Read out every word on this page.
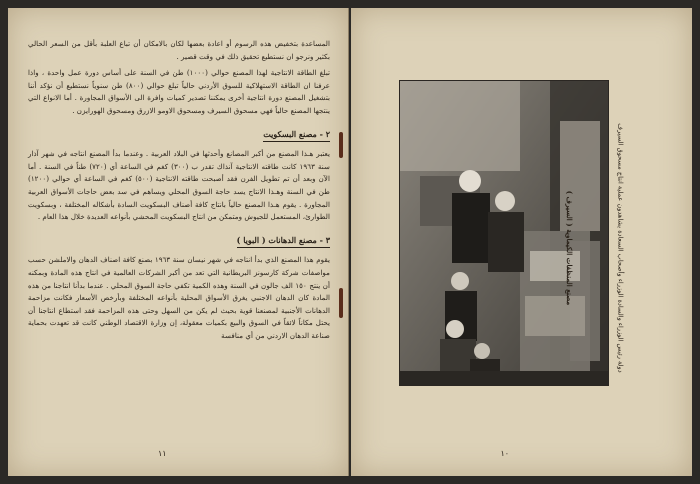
المساعدة بتخفيض هذه الرسوم أو اعادة بعضها لكان بالامكان أن تباع العلبة بأقل من السعر الحالي بكثير ونرجو ان نستطيع تحقيق ذلك في وقت قصير .

تبلغ الطاقة الانتاجية لهذا المصنع حوالي (١٠٠٠) طن في السنة على أساس دورة عمل واحدة ، واذا عرفنا ان الطاقة الاستهلاكية للسوق الأردني حالياً تبلغ حوالي (٨٠٠) طن سنوياً نستطيع أن نؤكد أننا بتشغيل المصنع دورة انتاجية أخرى يمكننا تصدير كميات وافرة الى الأسواق المجاورة . أما الانواع التي ينتجها المصنع حالياً فهي مسحوق السيرف ومسحوق الاومو الازرق ومسحوق الهورايزن .

٢ - مصنع البسكويت

يعتبر هـذا المصنع من أكبر المصانع وأحدثها في البلاد العربية . وعندما بدأ المصنع انتاجه في شهر آذار سنة ١٩٦٣ كانت طاقته الانتاجية آنذاك تقدر ب (٣٠٠) كغم في الساعة أي (٧٢٠) طناً في السنة . أما الآن وبعد أن تم تطويل الفرن فقد أصبحت طاقته الانتاجية (٥٠٠) كغم في الساعة أي حوالي (١٢٠٠) طن في السنة وهـذا الانتاج يسد حاجة السوق المحلي ويساهم في سد بعض حاجات الأسواق العربية المجاورة . يقوم هـذا المصنع حالياً بانتاج كافة أصناف البسكويت السادة بأشكاله المختلفة ، وبسكويت الطوارئ، المستعمل للجيوش ومتمكن من انتاج البسكويت المحشي بأنواعه العديدة خلال هذا العام .

٣ - مصنع الدهانات ( البويا )

يقوم هذا المصنع الذي بدأ انتاجه في شهر نيسان سنة ١٩٦٣ بصنع كافة اصناف الدهان والاملشن حسب مواصفات شركة كارسونز البريطانية التي تعد من أكبر الشركات العالمية في انتاج هذه المادة وبمكنه أن ينتج ١٥٠ الف جالون في السنة وهذه الكمية تكفي حاجة السوق المحلي . عندما بدأنا انتاجنا من هذه المادة كان الدهان الاجنبي يغرق الأسواق المحلية بأنواعه المختلفة وبأرخص الأسعار فكانت مزاحمة الدهانات الأجنبية لمصنعنا قوية بحيث لم يكن من السهل وحتى هذه المزاحمة فقد استطاع انتاجنا أن يحتل مكاناً لائقاً في السوق والبيع بكميات معقولة، إن وزارة الاقتصاد الوطني كانت قد تعهدت بحماية صناعة الدهان الاردني من أي منافسة

١١
مصنع المنظفات الكيماوية ( السيرف )	دولة رئيس الوزراء والسادة الوزراء وأصحاب السعادة يشاهدون عملية انتاج مسحوق السيرف
١٠
